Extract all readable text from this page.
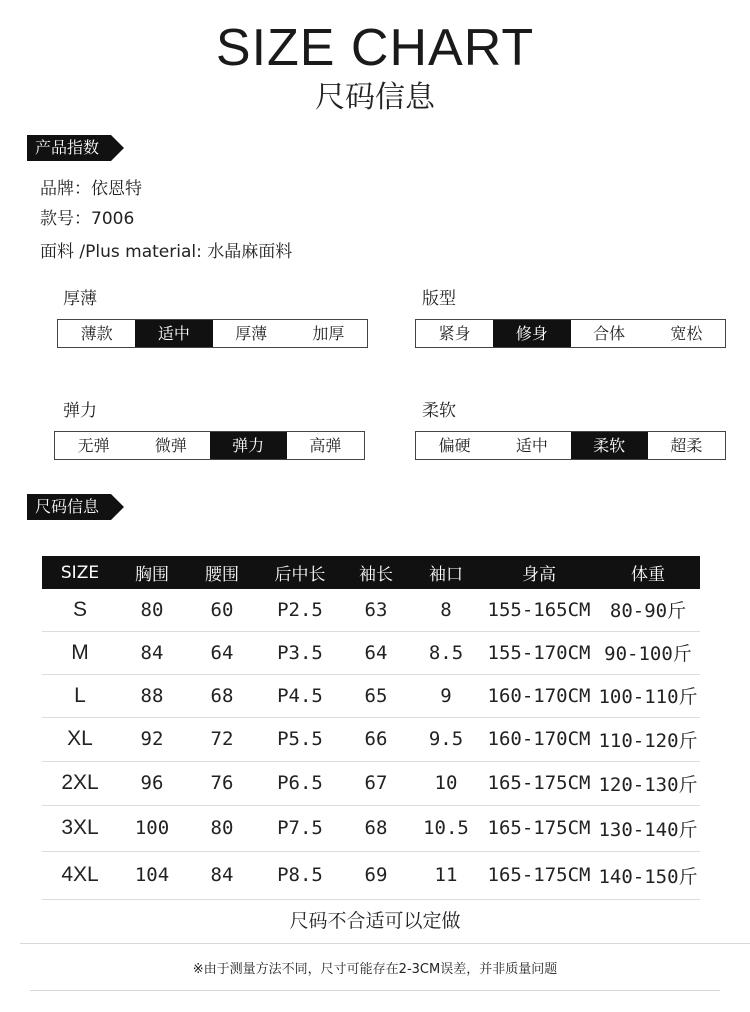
SIZE CHART
尺码信息
产品指数
品牌：依恩特
款号：7006
面料 /Plus material: 水晶麻面料
厚薄
薄款	适中	厚薄	加厚
版型
紧身	修身	合体	宽松
弹力
无弹	微弹	弹力	高弹
柔软
偏硬	适中	柔软	超柔
尺码信息
SIZE	胸围	腰围	后中长	袖长	袖口	身高	体重
S	80	60	P2.5	63	8	155-165CM	80-90斤
M	84	64	P3.5	64	8.5	155-170CM	90-100斤
L	88	68	P4.5	65	9	160-170CM	100-110斤
XL	92	72	P5.5	66	9.5	160-170CM	110-120斤
2XL	96	76	P6.5	67	10	165-175CM	120-130斤
3XL	100	80	P7.5	68	10.5	165-175CM	130-140斤
4XL	104	84	P8.5	69	11	165-175CM	140-150斤
尺码不合适可以定做
※由于测量方法不同，尺寸可能存在2-3CM误差，并非质量问题
